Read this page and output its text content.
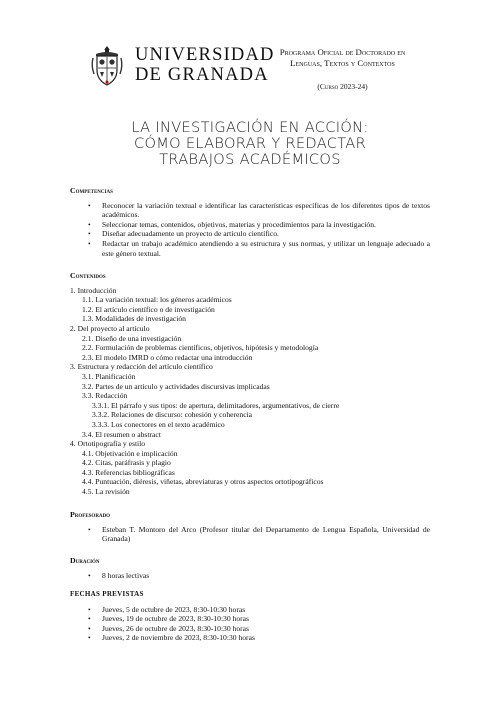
UNIVERSIDAD
DE GRANADA
Programa Oficial de Doctorado en
Lenguas, Textos y Contextos
(Curso 2023-24)
LA INVESTIGACIÓN EN ACCIÓN:
CÓMO ELABORAR Y REDACTAR
TRABAJOS ACADÉMICOS
Competencias
• Reconocer la variación textual e identificar las características específicas de los diferentes tipos de textos académicos.
• Seleccionar temas, contenidos, objetivos, materias y procedimientos para la investigación.
• Diseñar adecuadamente un proyecto de artículo científico.
• Redactar un trabajo académico atendiendo a su estructura y sus normas, y utilizar un lenguaje adecuado a este género textual.
Contenidos
1. Introducción
1.1. La variación textual: los géneros académicos
1.2. El artículo científico o de investigación
1.3. Modalidades de investigación
2. Del proyecto al artículo
2.1. Diseño de una investigación
2.2. Formulación de problemas científicos, objetivos, hipótesis y metodología
2.3. El modelo IMRD o cómo redactar una introducción
3. Estructura y redacción del artículo científico
3.1. Planificación
3.2. Partes de un artículo y actividades discursivas implicadas
3.3. Redacción
3.3.1. El párrafo y sus tipos: de apertura, delimitadores, argumentativos, de cierre
3.3.2. Relaciones de discurso: cohesión y coherencia
3.3.3. Los conectores en el texto académico
3.4. El resumen o abstract
4. Ortotipografía y estilo
4.1. Objetivación e implicación
4.2. Citas, paráfrasis y plagio
4.3. Referencias bibliográficas
4.4. Puntuación, diéresis, viñetas, abreviaturas y otros aspectos ortotipográficos
4.5. La revisión
Profesorado
• Esteban T. Montoro del Arco (Profesor titular del Departamento de Lengua Española, Universidad de Granada)
Duración
• 8 horas lectivas
FECHAS PREVISTAS
• Jueves, 5 de octubre de 2023, 8:30-10:30 horas
• Jueves, 19 de octubre de 2023, 8:30-10:30 horas
• Jueves, 26 de octubre de 2023, 8:30-10:30 horas
• Jueves, 2 de noviembre de 2023, 8:30-10:30 horas
